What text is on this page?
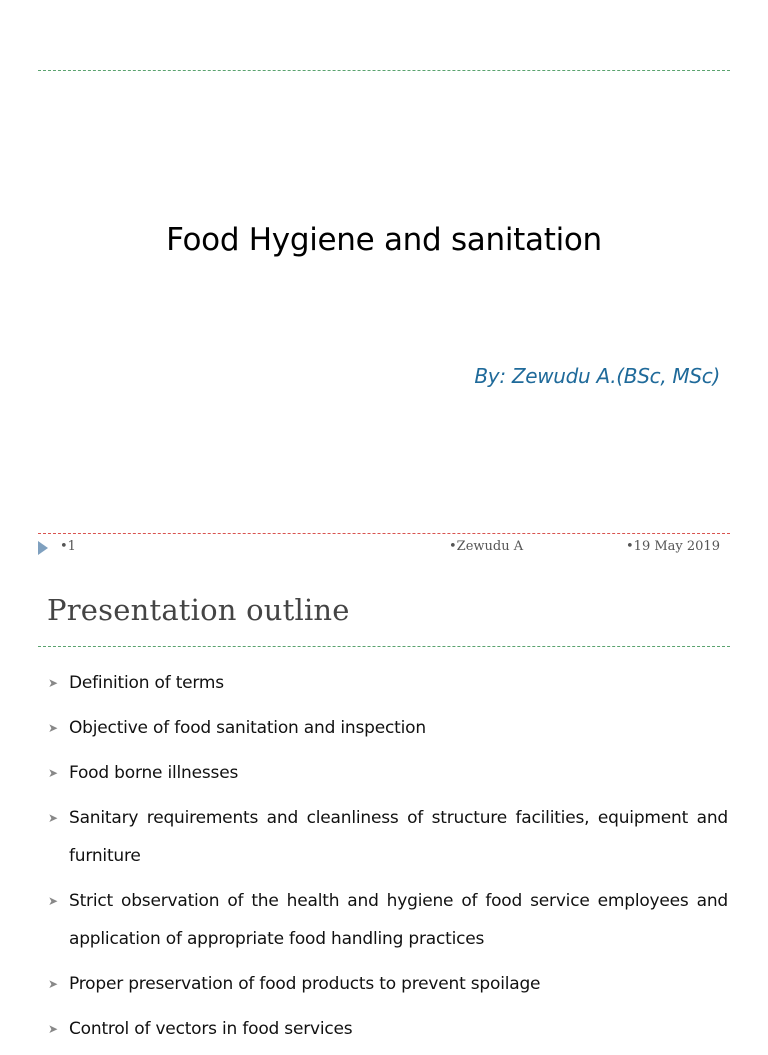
Food Hygiene and sanitation
By: Zewudu A.(BSc, MSc)
•1	•Zewudu A	•19 May 2019
Presentation outline
➤ Definition of terms
➤ Objective of food sanitation and inspection
➤ Food borne illnesses
➤ Sanitary requirements and cleanliness of structure facilities, equipment and furniture
➤ Strict observation of the health and hygiene of food service employees and application of appropriate food handling practices
➤ Proper preservation of food products to prevent spoilage
➤ Control of vectors in food services
